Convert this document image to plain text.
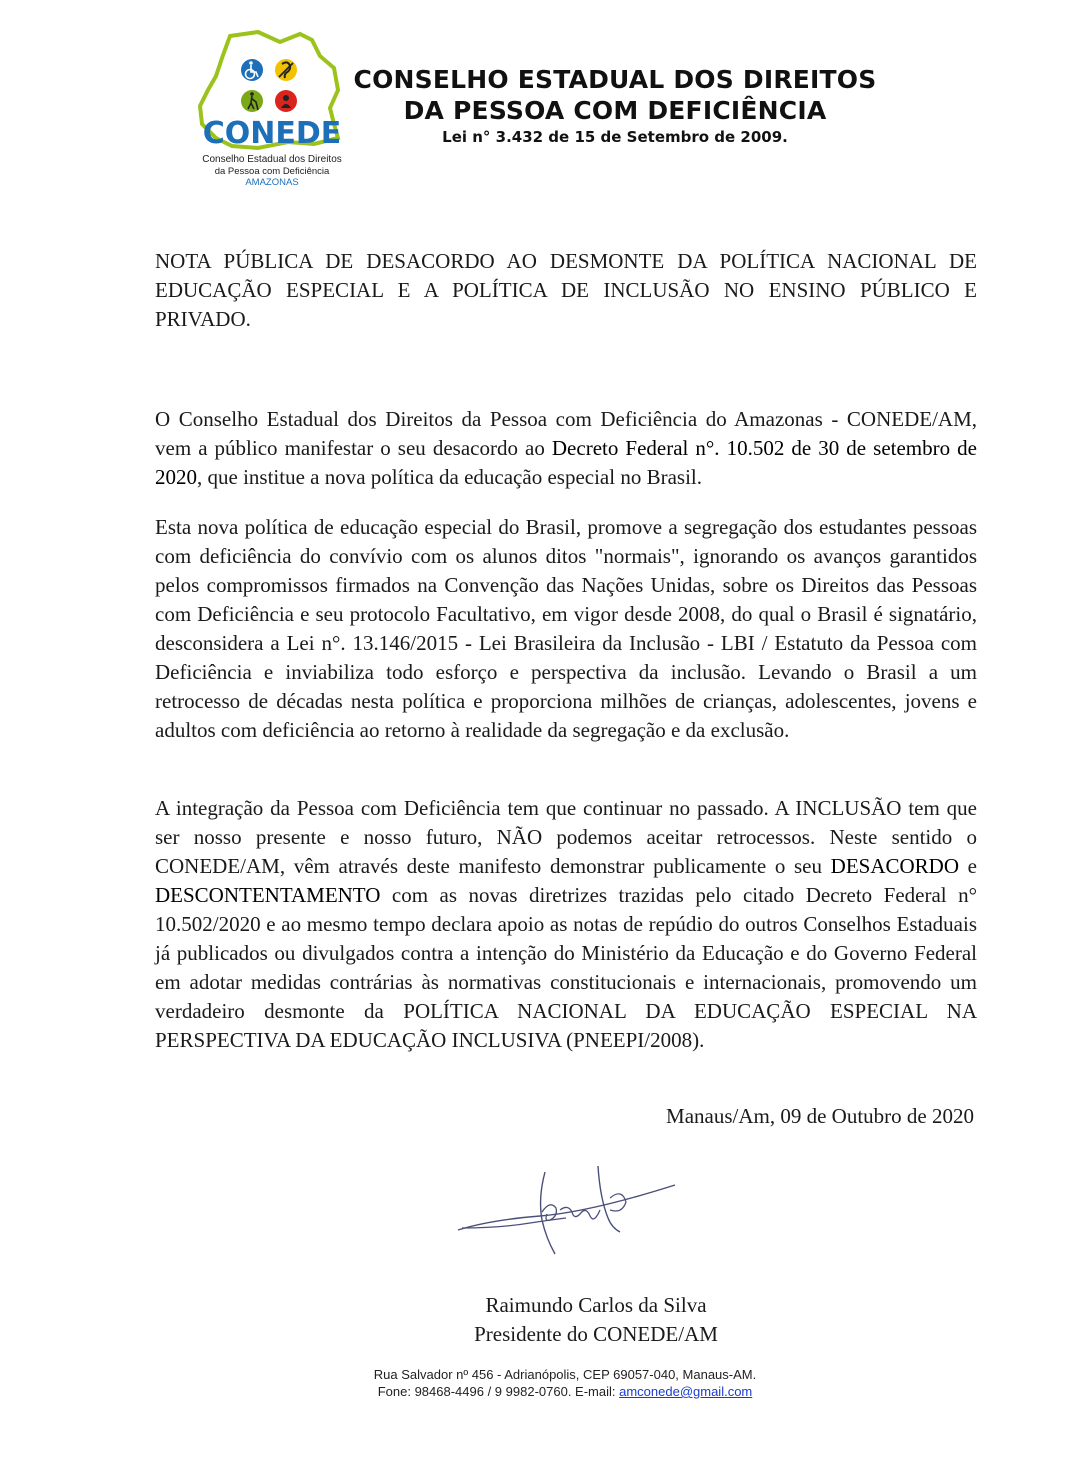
CONEDE
Conselho Estadual dos Direitos
da Pessoa com Deficiência
AMAZONAS
CONSELHO ESTADUAL DOS DIREITOS
DA PESSOA COM DEFICIÊNCIA
Lei n° 3.432 de 15 de Setembro de 2009.
NOTA PÚBLICA DE DESACORDO AO DESMONTE DA POLÍTICA NACIONAL DE EDUCAÇÃO ESPECIAL E A POLÍTICA DE INCLUSÃO NO ENSINO PÚBLICO E PRIVADO.

O Conselho Estadual dos Direitos da Pessoa com Deficiência do Amazonas - CONEDE/AM, vem a público manifestar o seu desacordo ao Decreto Federal n°. 10.502 de 30 de setembro de 2020, que institue a nova política da educação especial no Brasil.

Esta nova política de educação especial do Brasil, promove a segregação dos estudantes pessoas com deficiência do convívio com os alunos ditos "normais", ignorando os avanços garantidos pelos compromissos firmados na Convenção das Nações Unidas, sobre os Direitos das Pessoas com Deficiência e seu protocolo Facultativo, em vigor desde 2008, do qual o Brasil é signatário, desconsidera a Lei n°. 13.146/2015 - Lei Brasileira da Inclusão - LBI / Estatuto da Pessoa com Deficiência e inviabiliza todo esforço e perspectiva da inclusão. Levando o Brasil a um retrocesso de décadas nesta política e proporciona milhões de crianças, adolescentes, jovens e adultos com deficiência ao retorno à realidade da segregação e da exclusão.

A integração da Pessoa com Deficiência tem que continuar no passado. A INCLUSÃO tem que ser nosso presente e nosso futuro, NÃO podemos aceitar retrocessos. Neste sentido o CONEDE/AM, vêm através deste manifesto demonstrar publicamente o seu DESACORDO e DESCONTENTAMENTO com as novas diretrizes trazidas pelo citado Decreto Federal n° 10.502/2020 e ao mesmo tempo declara apoio as notas de repúdio do outros Conselhos Estaduais já publicados ou divulgados contra a intenção do Ministério da Educação e do Governo Federal em adotar medidas contrárias às normativas constitucionais e internacionais, promovendo um verdadeiro desmonte da POLÍTICA NACIONAL DA EDUCAÇÃO ESPECIAL NA PERSPECTIVA DA EDUCAÇÃO INCLUSIVA (PNEEPI/2008).

Manaus/Am, 09 de Outubro de 2020
Raimundo Carlos da Silva
Presidente do CONEDE/AM
Rua Salvador nº 456 - Adrianópolis, CEP 69057-040, Manaus-AM.
Fone: 98468-4496 / 9 9982-0760. E-mail: amconede@gmail.com
